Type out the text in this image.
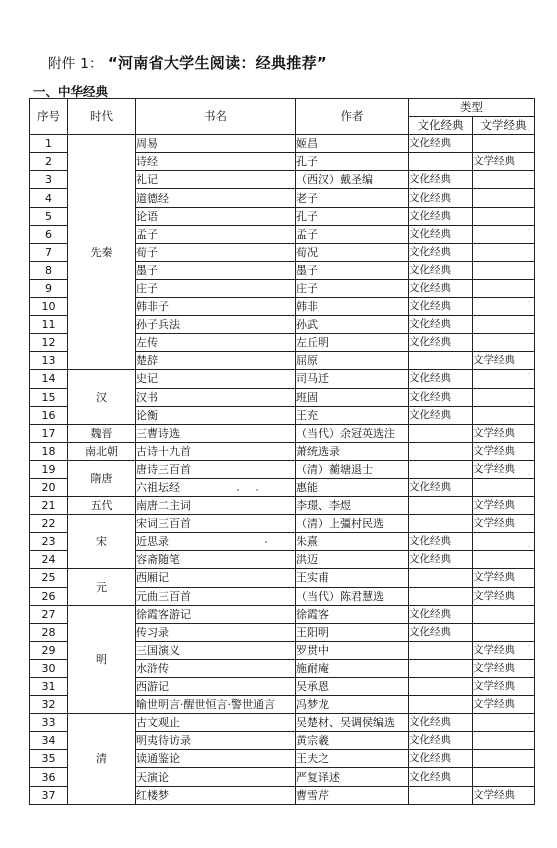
附件 1： “河南省大学生阅读：经典推荐”
一、中华经典
序号	时代	书名	作者	类型	
				文化经典	文学经典
1	先秦	周易	姬昌	文化经典	
2		诗经	孔子		文学经典
3		礼记	（西汉）戴圣编	文化经典	
4		道德经	老子	文化经典	
5		论语	孔子	文化经典	
6		孟子	孟子	文化经典	
7		荀子	荀况	文化经典	
8		墨子	墨子	文化经典	
9		庄子	庄子	文化经典	
10		韩非子	韩非	文化经典	
11		孙子兵法	孙武	文化经典	
12		左传	左丘明	文化经典	
13		楚辞	屈原		文学经典
14	汉	史记	司马迁	文化经典	
15		汉书	班固	文化经典	
16		论衡	王充	文化经典	
17	魏晋	三曹诗选	（当代）余冠英选注		文学经典
18	南北朝	古诗十九首	萧统选录		文学经典
19	隋唐	唐诗三百首	（清）蘅塘退士		文学经典
20		六祖坛经	惠能	文化经典	
21	五代	南唐二主词	李璟、李煜		文学经典
22	宋	宋词三百首	（清）上彊村民选		文学经典
23		近思录	朱熹	文化经典	
24		容斋随笔	洪迈	文化经典	
25	元	西厢记	王实甫		文学经典
26		元曲三百首	（当代）陈君慧选		文学经典
27	明	徐霞客游记	徐霞客	文化经典	
28		传习录	王阳明	文化经典	
29		三国演义	罗贯中		文学经典
30		水浒传	施耐庵		文学经典
31		西游记	吴承恩		文学经典
32		喻世明言·醒世恒言·警世通言	冯梦龙		文学经典
33	清	古文观止	吴楚材、吴调侯编选	文化经典	
34		明夷待访录	黄宗羲	文化经典	
35		读通鉴论	王夫之	文化经典	
36		天演论	严复译述	文化经典	
37		红楼梦	曹雪芹		文学经典
